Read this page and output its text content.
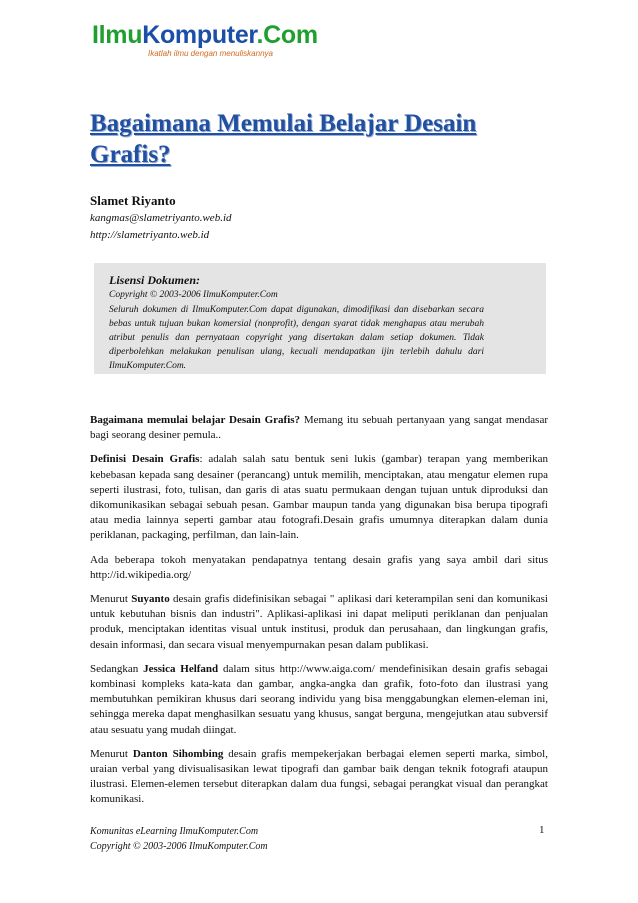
IlmuKomputer.Com
Ikatlah ilmu dengan menuliskannya
Bagaimana Memulai Belajar Desain Grafis?
Slamet Riyanto
kangmas@slametriyanto.web.id
http://slametriyanto.web.id
Lisensi Dokumen:
Copyright © 2003-2006 IlmuKomputer.Com
Seluruh dokumen di IlmuKomputer.Com dapat digunakan, dimodifikasi dan disebarkan secara bebas untuk tujuan bukan komersial (nonprofit), dengan syarat tidak menghapus atau merubah atribut penulis dan pernyataan copyright yang disertakan dalam setiap dokumen. Tidak diperbolehkan melakukan penulisan ulang, kecuali mendapatkan ijin terlebih dahulu dari IlmuKomputer.Com.

Bagaimana memulai belajar Desain Grafis? Memang itu sebuah pertanyaan yang sangat mendasar bagi seorang desiner pemula..

Definisi Desain Grafis: adalah salah satu bentuk seni lukis (gambar) terapan yang memberikan kebebasan kepada sang desainer (perancang) untuk memilih, menciptakan, atau mengatur elemen rupa seperti ilustrasi, foto, tulisan, dan garis di atas suatu permukaan dengan tujuan untuk diproduksi dan dikomunikasikan sebagai sebuah pesan. Gambar maupun tanda yang digunakan bisa berupa tipografi atau media lainnya seperti gambar atau fotografi.Desain grafis umumnya diterapkan dalam dunia periklanan, packaging, perfilman, dan lain-lain.

Ada beberapa tokoh menyatakan pendapatnya tentang desain grafis yang saya ambil dari situs http://id.wikipedia.org/

Menurut Suyanto desain grafis didefinisikan sebagai " aplikasi dari keterampilan seni dan komunikasi untuk kebutuhan bisnis dan industri". Aplikasi-aplikasi ini dapat meliputi periklanan dan penjualan produk, menciptakan identitas visual untuk institusi, produk dan perusahaan, dan lingkungan grafis, desain informasi, dan secara visual menyempurnakan pesan dalam publikasi.

Sedangkan Jessica Helfand dalam situs http://www.aiga.com/ mendefinisikan desain grafis sebagai kombinasi kompleks kata-kata dan gambar, angka-angka dan grafik, foto-foto dan ilustrasi yang membutuhkan pemikiran khusus dari seorang individu yang bisa menggabungkan elemen-eleman ini, sehingga mereka dapat menghasilkan sesuatu yang khusus, sangat berguna, mengejutkan atau subversif atau sesuatu yang mudah diingat.

Menurut Danton Sihombing desain grafis mempekerjakan berbagai elemen seperti marka, simbol, uraian verbal yang divisualisasikan lewat tipografi dan gambar baik dengan teknik fotografi ataupun ilustrasi. Elemen-elemen tersebut diterapkan dalam dua fungsi, sebagai perangkat visual dan perangkat komunikasi.

Komunitas eLearning IlmuKomputer.Com
Copyright © 2003-2006 IlmuKomputer.Com
1
